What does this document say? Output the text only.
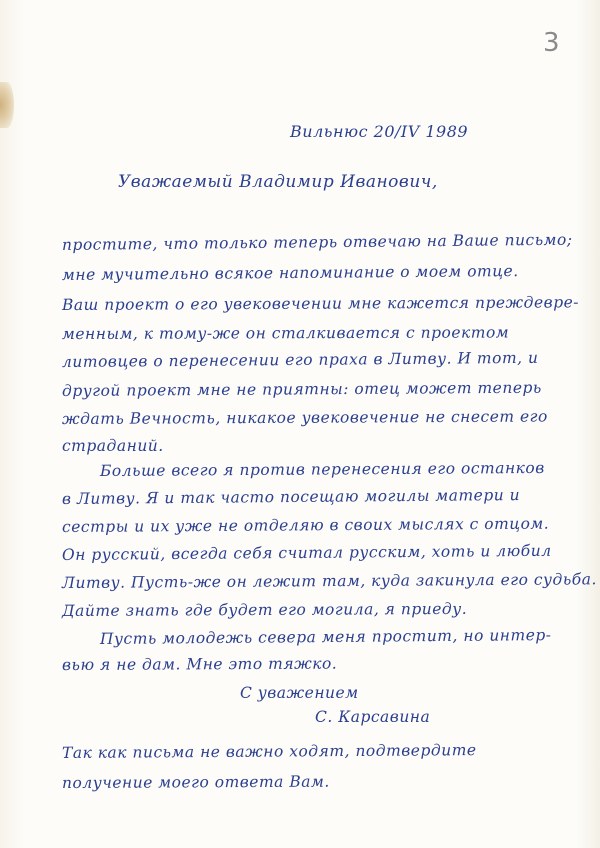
3
Вильнюс 20/IV 1989
Уважаемый Владимир Иванович,
простите, что только теперь отвечаю на Ваше письмо;
мне мучительно всякое напоминание о моем отце.
Ваш проект о его увековечении мне кажется преждевре-
менным, к тому-же он сталкивается с проектом
литовцев о перенесении его праха в Литву. И тот, и
другой проект мне не приятны: отец может теперь
ждать Вечность, никакое увековечение не снесет его
страданий.
Больше всего я против перенесения его останков
в Литву. Я и так часто посещаю могилы матери и
сестры и их уже не отделяю в своих мыслях с отцом.
Он русский, всегда себя считал русским, хоть и любил
Литву. Пусть-же он лежит там, куда закинула его судьба.
Дайте знать где будет его могила, я приеду.
Пусть молодежь севера меня простит, но интер-
вью я не дам. Мне это тяжко.
С уважением
С. Карсавина
Так как письма не важно ходят, подтвердите
получение моего ответа Вам.
